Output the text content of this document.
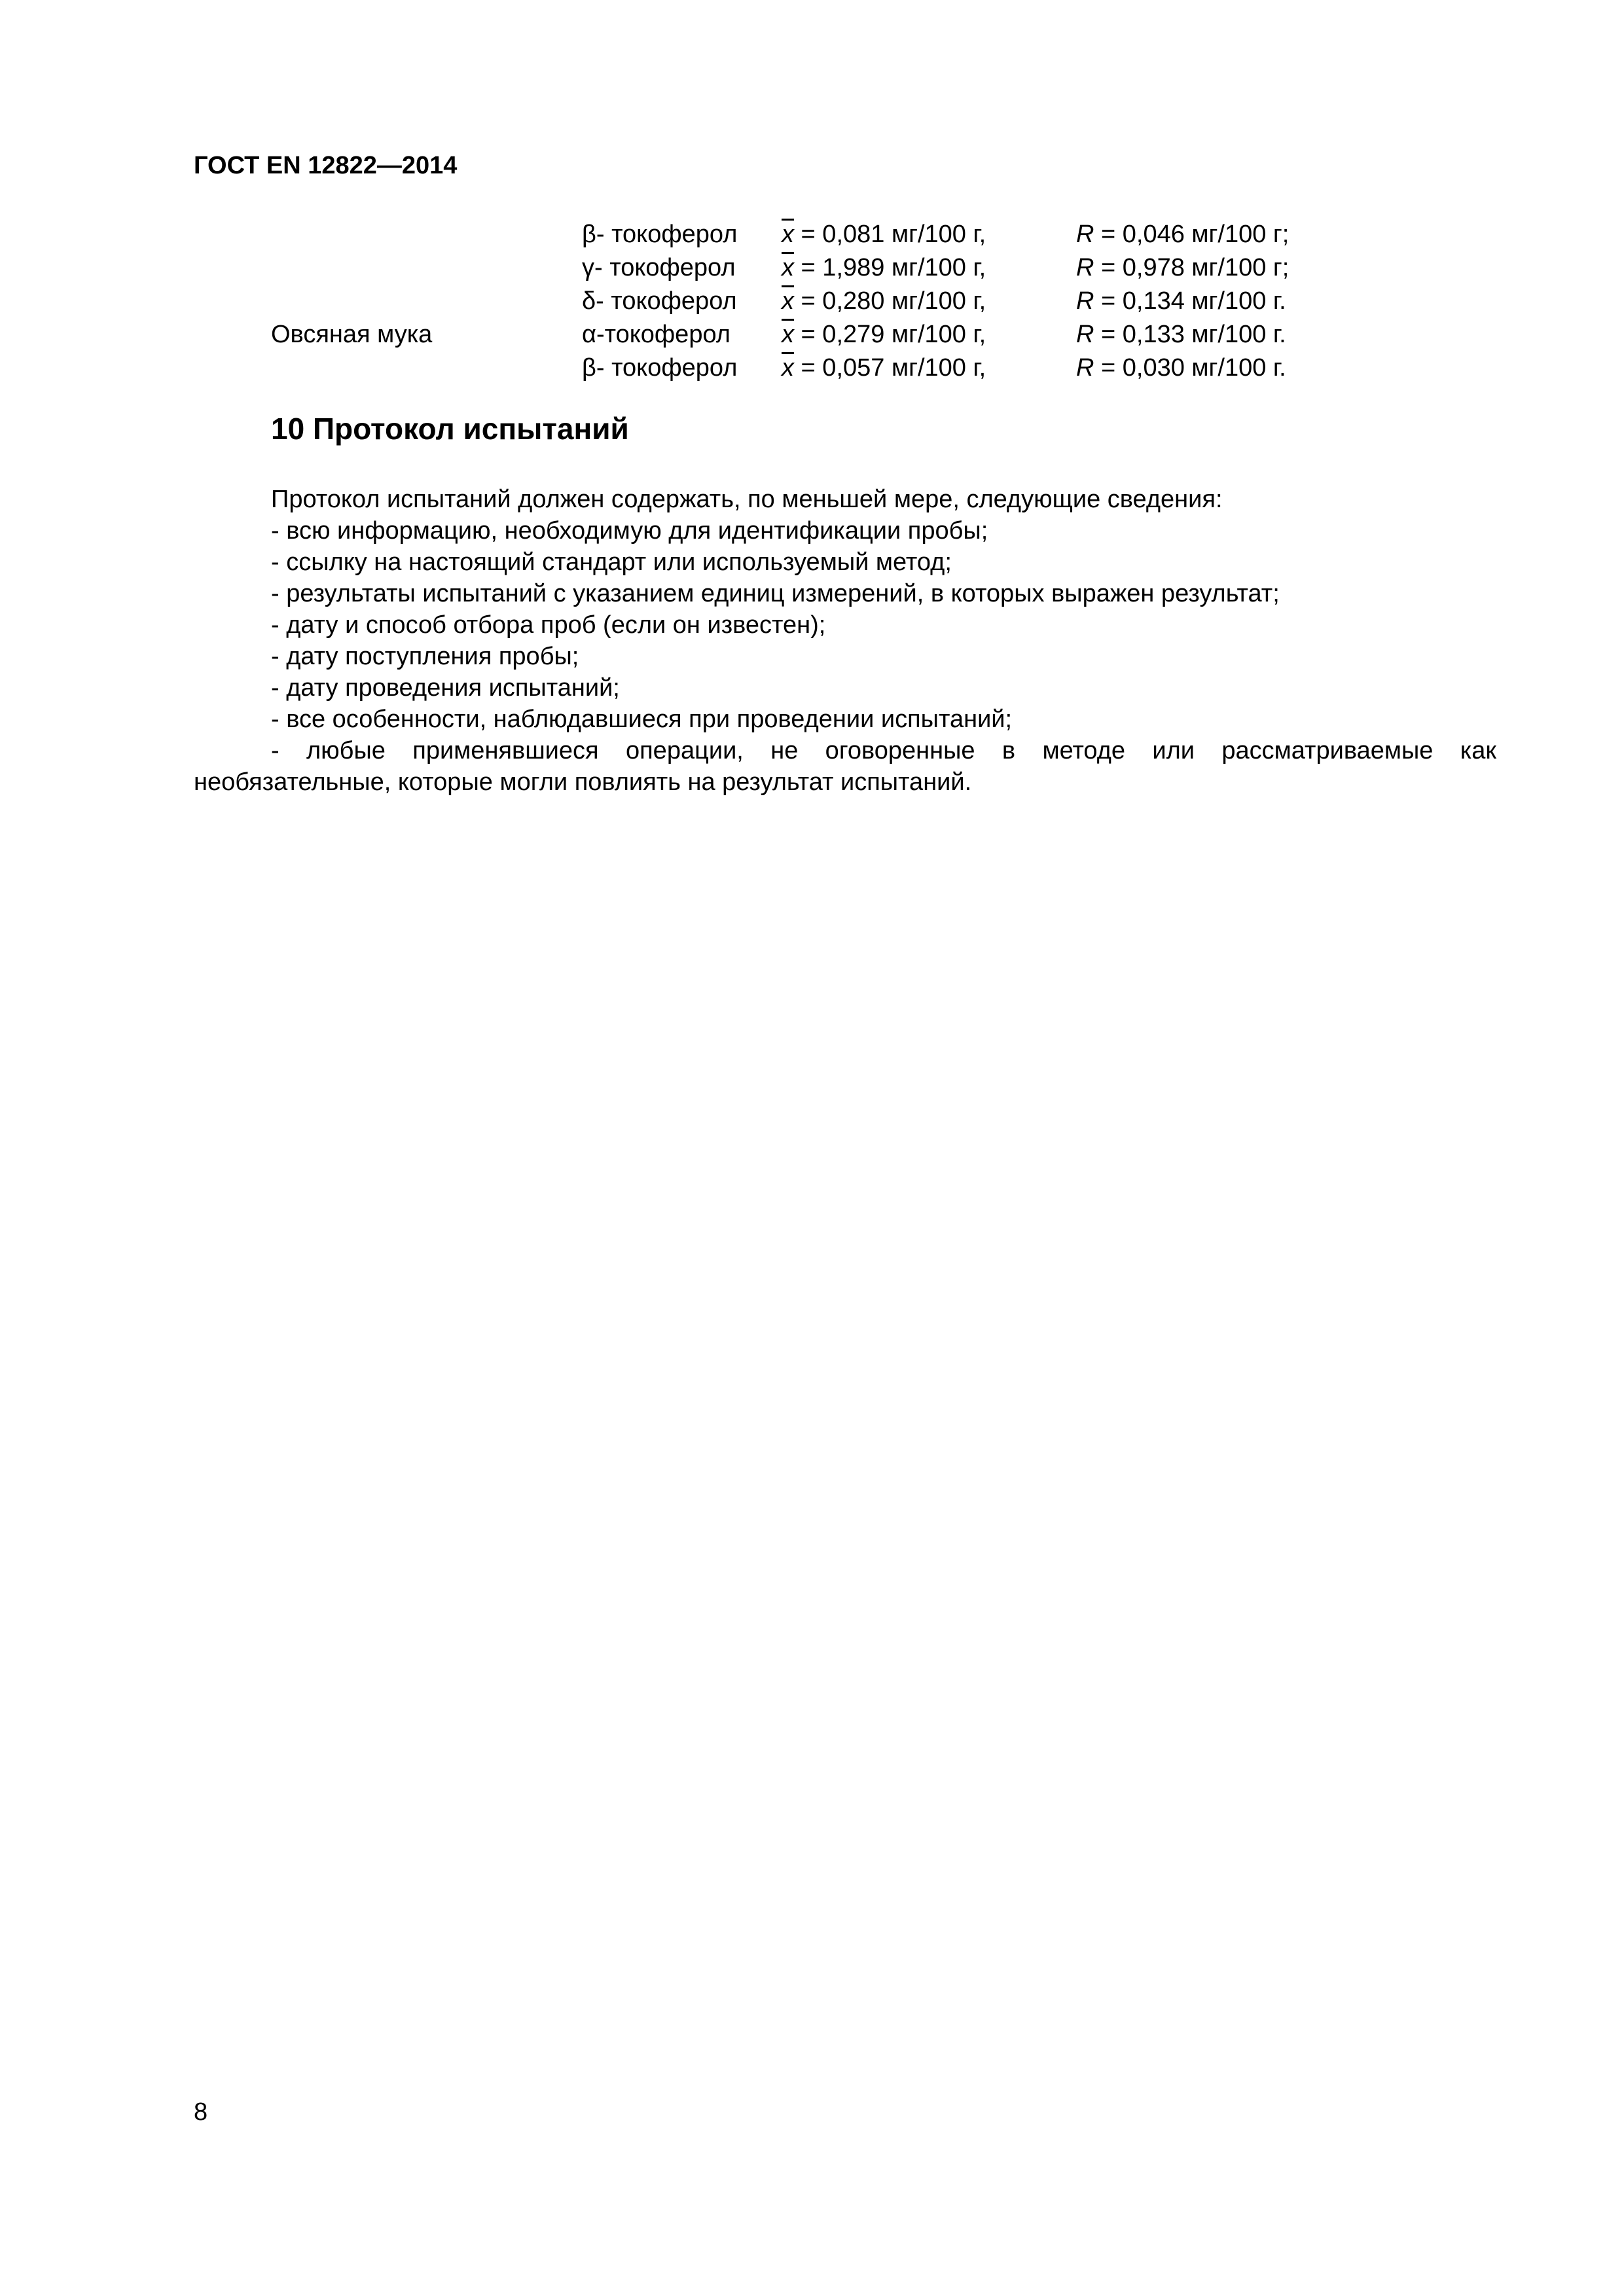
ГОСТ EN 12822—2014
β- токоферол $\overline{x} = 0,081$ мг/100 г,	R = 0,046 мг/100 г;
γ- токоферол $\overline{x} = 1,989$ мг/100 г,	R = 0,978 мг/100 г;
δ- токоферол $\overline{x} = 0,280$ мг/100 г,	R = 0,134 мг/100 г.
Овсяная мука	α-токоферол $\overline{x} = 0,279$ мг/100 г,	R = 0,133 мг/100 г.
β- токоферол $\overline{x} = 0,057$ мг/100 г,	R = 0,030 мг/100 г.
10 Протокол испытаний

Протокол испытаний должен содержать, по меньшей мере, следующие сведения:

- всю информацию, необходимую для идентификации пробы;

- ссылку на настоящий стандарт или используемый метод;

- результаты испытаний с указанием единиц измерений, в которых выражен результат;

- дату и способ отбора проб (если он известен);

- дату поступления пробы;

- дату проведения испытаний;

- все особенности, наблюдавшиеся при проведении испытаний;

- любые применявшиеся операции, не оговоренные в методе или рассматриваемые как необязательные, которые могли повлиять на результат испытаний.

8
